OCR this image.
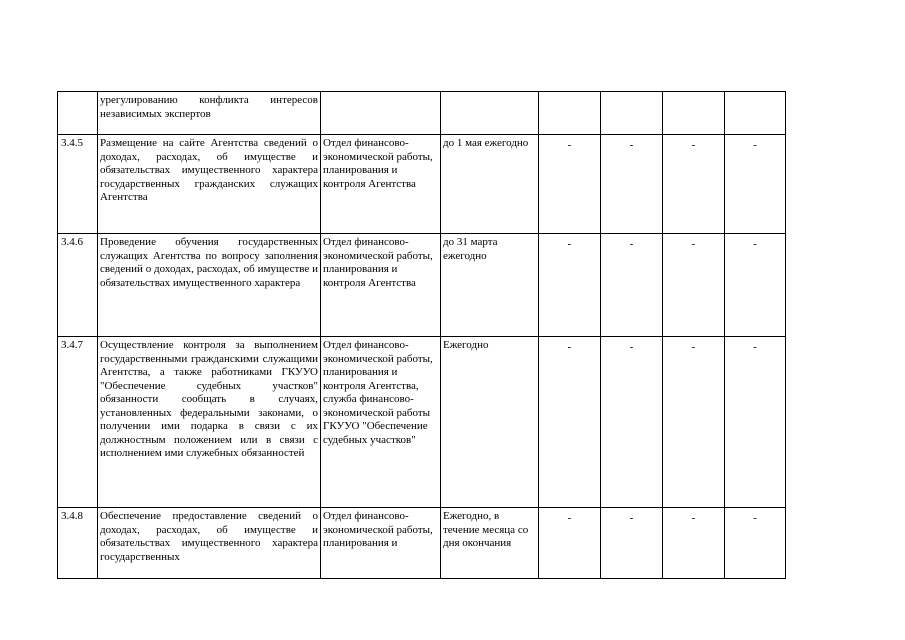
	урегулированию конфликта интересов независимых экспертов						
3.4.5	Размещение на сайте Агентства сведений о доходах, расходах, об имуществе и обязательствах имущественного характера государственных гражданских служащих Агентства	Отдел финансово-экономической работы, планирования и контроля Агентства	до 1 мая ежегодно	-	-	-	-
3.4.6	Проведение обучения государственных служащих Агентства по вопросу заполнения сведений о доходах, расходах, об имуществе и обязательствах имущественного характера	Отдел финансово-экономической работы, планирования и контроля Агентства	до 31 марта ежегодно	-	-	-	-
3.4.7	Осуществление контроля за выполнением государственными гражданскими служащими Агентства, а также работниками ГКУУО "Обеспечение судебных участков" обязанности сообщать в случаях, установленных федеральными законами, о получении ими подарка в связи с их должностным положением или в связи с исполнением ими служебных обязанностей	Отдел финансово-экономической работы, планирования и контроля Агентства, служба финансово-экономической работы ГКУУО "Обеспечение судебных участков"	Ежегодно	-	-	-	-
3.4.8	Обеспечение предоставление сведений о доходах, расходах, об имуществе и обязательствах имущественного характера государственных	Отдел финансово-экономической работы, планирования и	Ежегодно, в течение месяца со дня окончания	-	-	-	-
